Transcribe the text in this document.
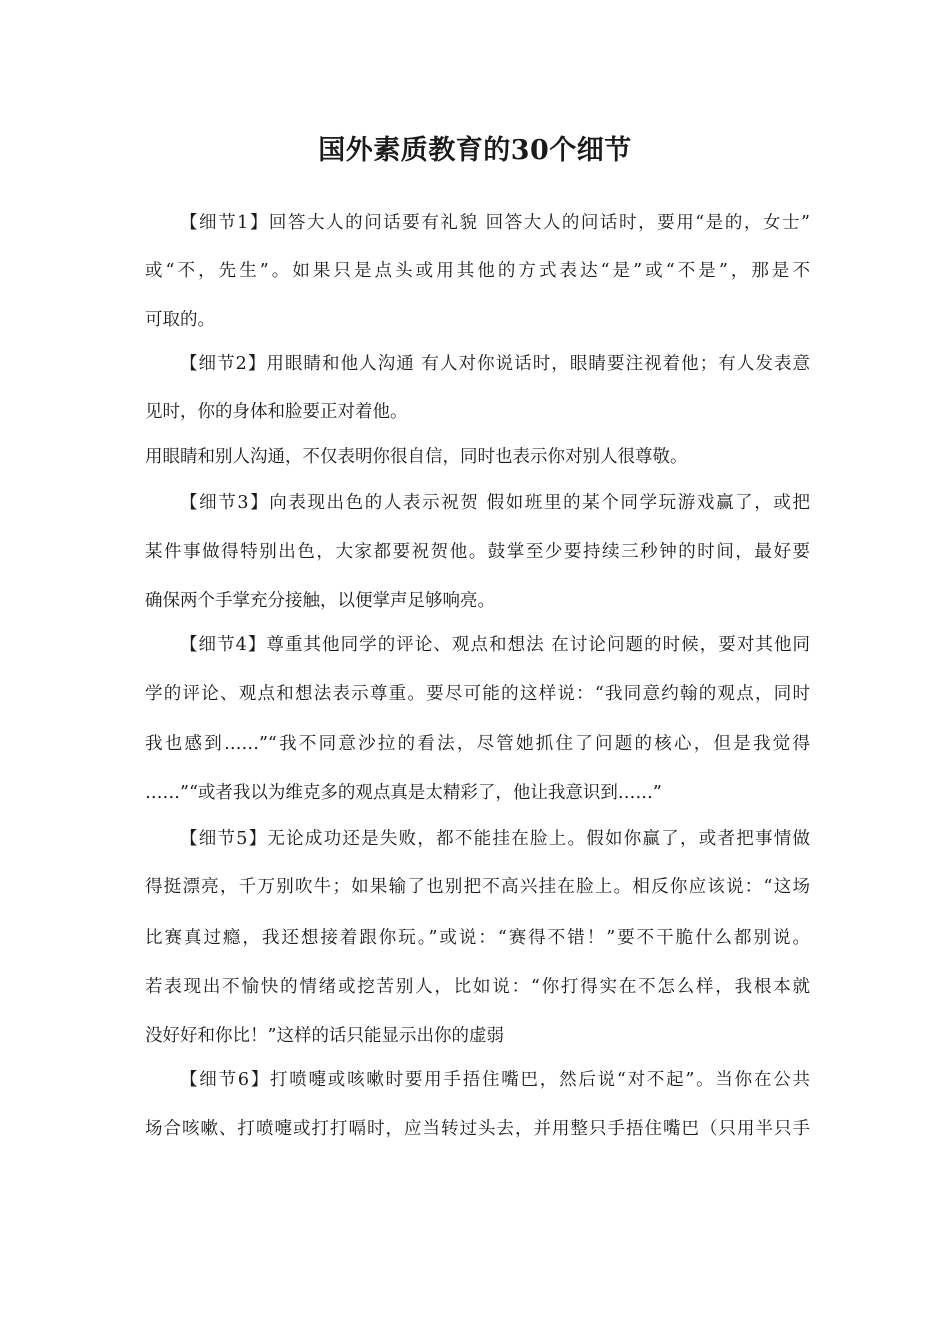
国外素质教育的30个细节
【细节1】回答大人的问话要有礼貌 回答大人的问话时，要用“是的，女士”
或“不，先生”。如果只是点头或用其他的方式表达“是”或“不是”，那是不
可取的。
【细节2】用眼睛和他人沟通 有人对你说话时，眼睛要注视着他；有人发表意
见时，你的身体和脸要正对着他。
用眼睛和别人沟通，不仅表明你很自信，同时也表示你对别人很尊敬。
【细节3】向表现出色的人表示祝贺 假如班里的某个同学玩游戏赢了，或把
某件事做得特别出色，大家都要祝贺他。鼓掌至少要持续三秒钟的时间，最好要
确保两个手掌充分接触，以便掌声足够响亮。
【细节4】尊重其他同学的评论、观点和想法 在讨论问题的时候，要对其他同
学的评论、观点和想法表示尊重。要尽可能的这样说：“我同意约翰的观点，同时
我也感到……”“我不同意沙拉的看法，尽管她抓住了问题的核心，但是我觉得
……”“或者我以为维克多的观点真是太精彩了，他让我意识到……”
【细节5】无论成功还是失败，都不能挂在脸上。假如你赢了，或者把事情做
得挺漂亮，千万别吹牛；如果输了也别把不高兴挂在脸上。相反你应该说：“这场
比赛真过瘾，我还想接着跟你玩。”或说：“赛得不错！”要不干脆什么都别说。
若表现出不愉快的情绪或挖苦别人，比如说：“你打得实在不怎么样，我根本就
没好好和你比！”这样的话只能显示出你的虚弱
【细节6】打喷嚏或咳嗽时要用手捂住嘴巴，然后说“对不起”。当你在公共
场合咳嗽、打喷嚏或打打嗝时，应当转过头去，并用整只手捂住嘴巴（只用半只手
